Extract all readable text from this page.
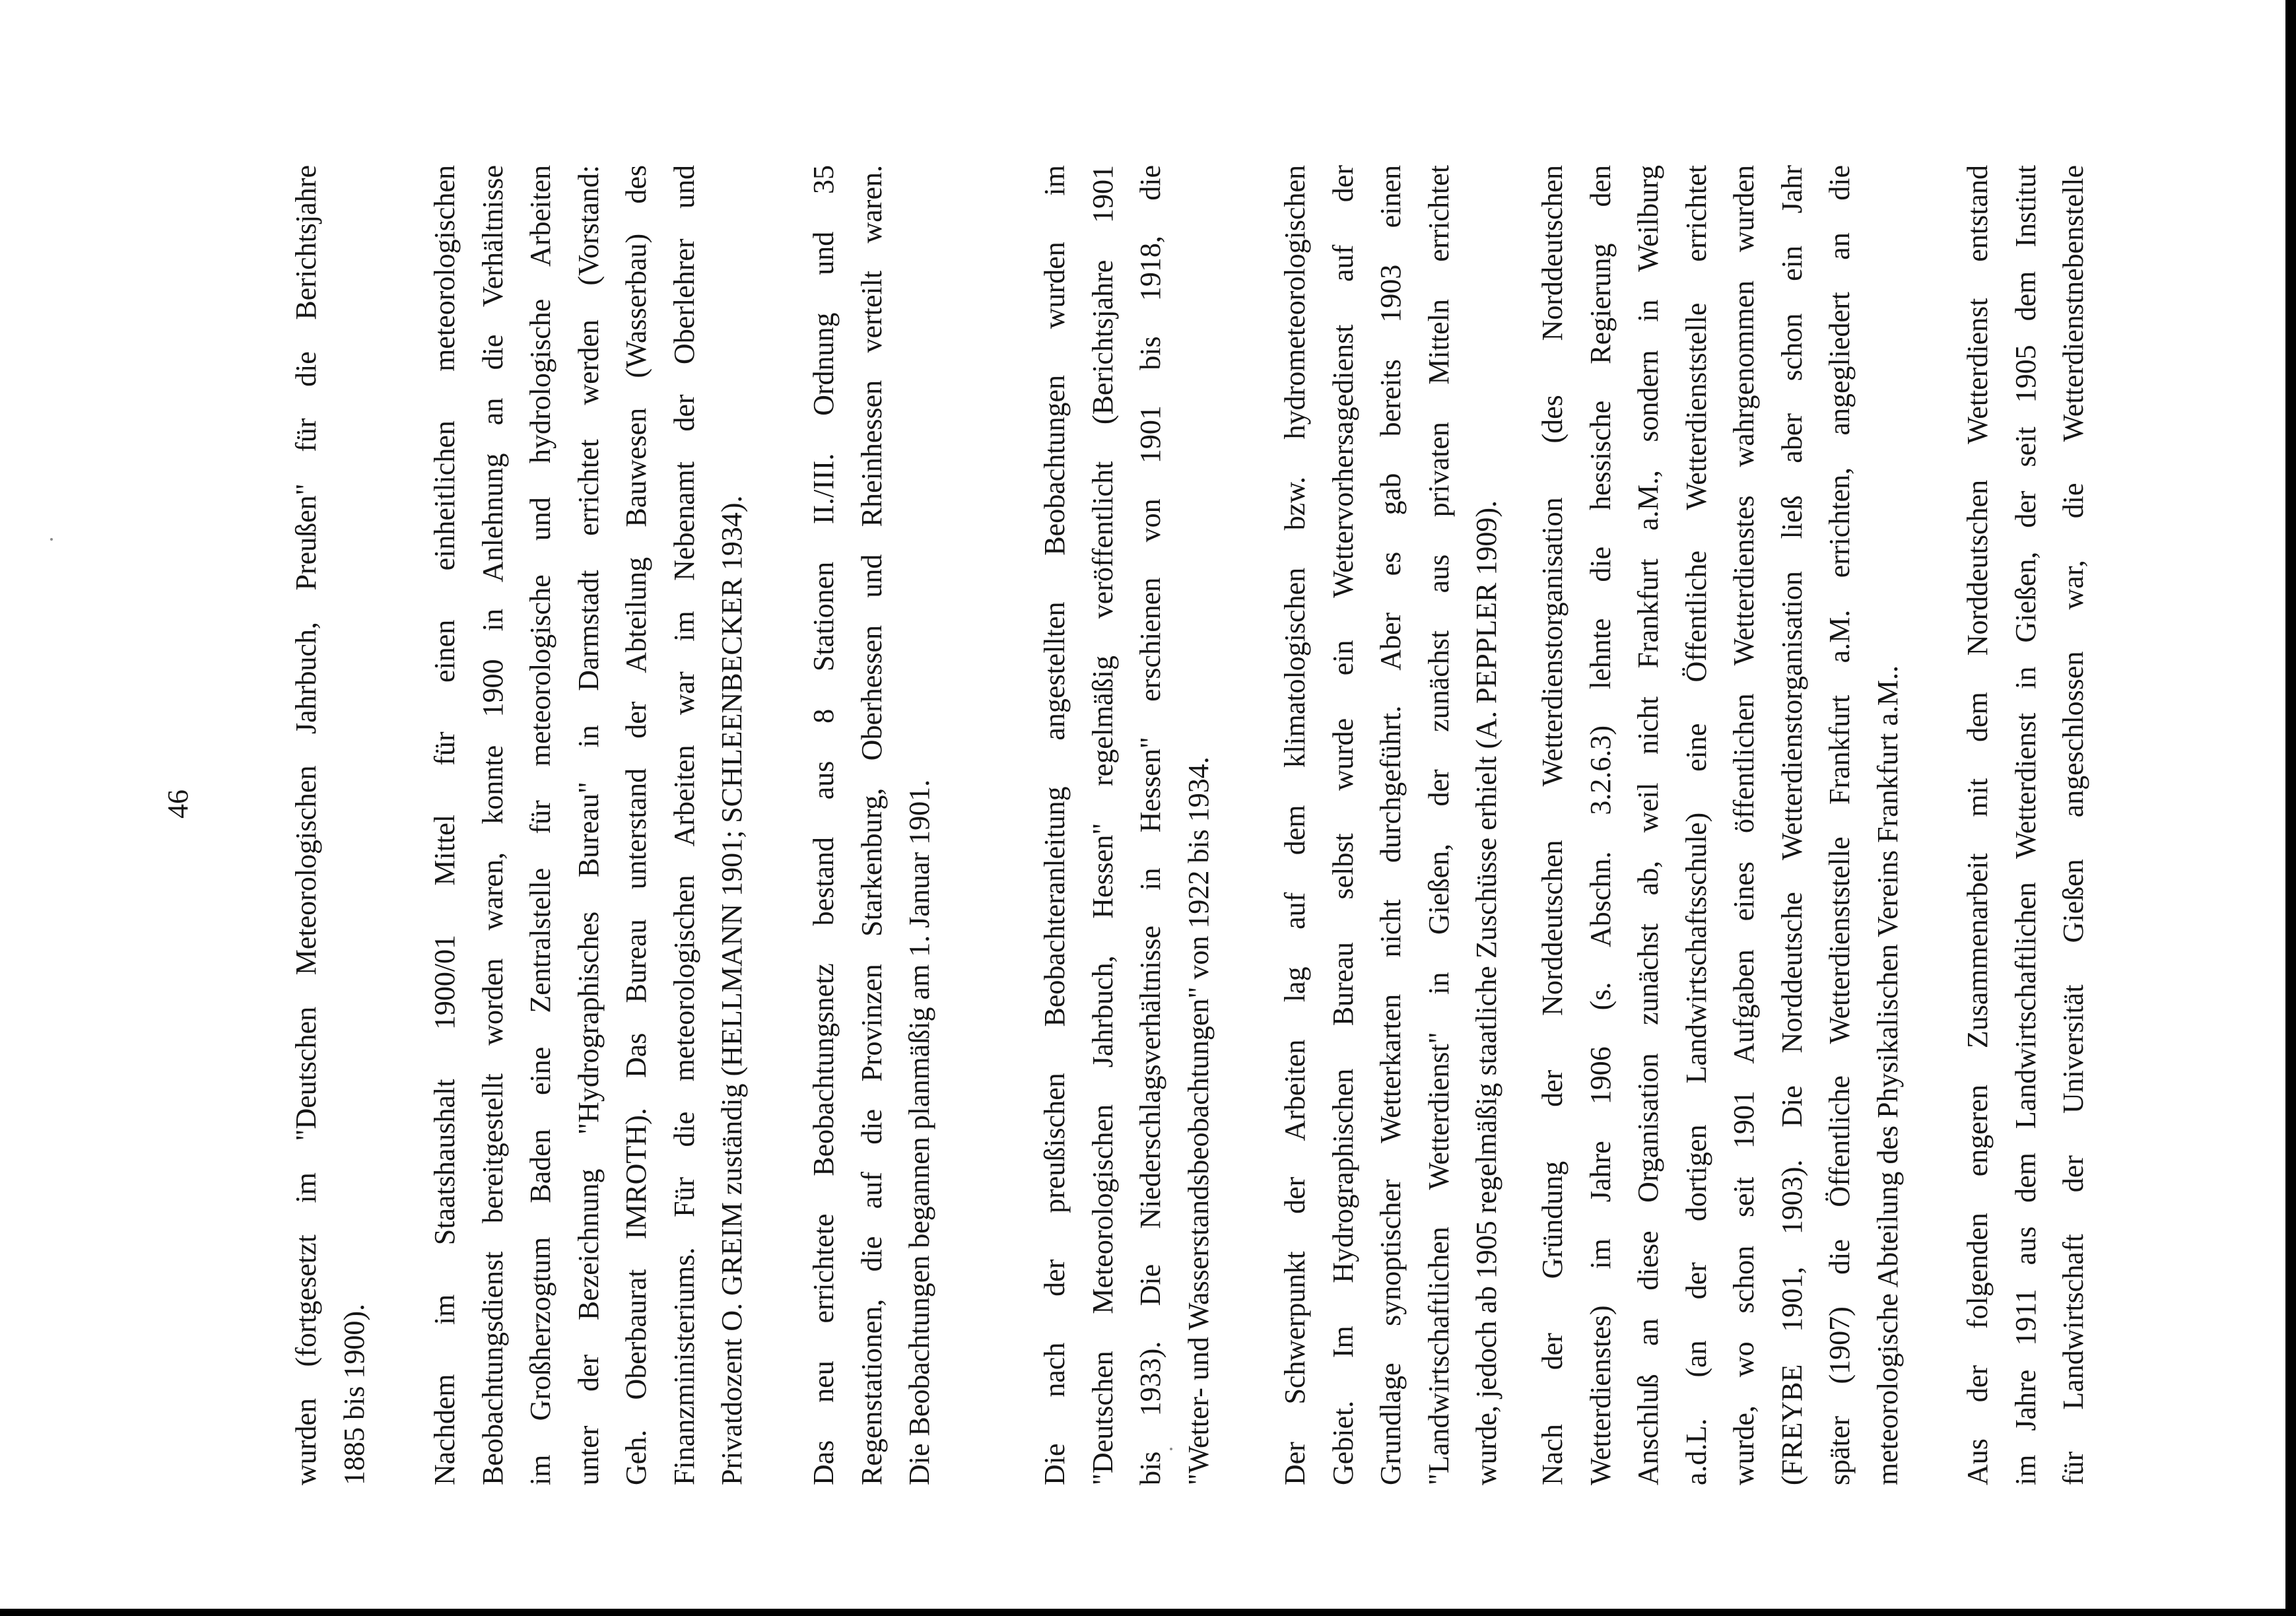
46	wurden (fortgesetzt im "Deutschen Meteorologischen Jahrbuch, Preußen" für die Berichtsjahre 1885 bis 1900). Nachdem im Staatshaushalt 1900/01 Mittel für einen einheitlichen meteorologischen Beobachtungsdienst bereitgestellt worden waren, konnte 1900 in Anlehnung an die Verhältnisse im Großherzogtum Baden eine Zentralstelle für meteorologische und hydrologische Arbeiten unter der Bezeichnung "Hydrographisches Bureau" in Darmstadt errichtet werden (Vorstand: Geh. Oberbaurat IMROTH). Das Bureau unterstand der Abteilung Bauwesen (Wasserbau) des Finanzministeriums. Für die meteorologischen Arbeiten war im Nebenamt der Oberlehrer und Privatdozent O. GREIM zuständig (HELLMANN 1901; SCHLEENBECKER 1934). Das neu errichtete Beobachtungsnetz bestand aus 8 Stationen II./III. Ordnung und 35 Regenstationen, die auf die Provinzen Starkenburg, Oberhessen und Rheinhessen verteilt waren. Die Beobachtungen begannen planmäßig am 1. Januar 1901.	Die nach der preußischen Beobachteranleitung angestellten Beobachtungen wurden im "Deutschen Meteorologischen Jahrbuch, Hessen" regelmäßig veröffentlicht (Berichtsjahre 1901 bis 1933). Die Niederschlagsverhältnisse in Hessen" erschienen von 1901 bis 1918, die "Wetter- und Wasserstandsbeobachtungen" von 1922 bis 1934. Der Schwerpunkt der Arbeiten lag auf dem klimatologischen bzw. hydrometeorologischen Gebiet. Im Hydrographischen Bureau selbst wurde ein Wettervorhersagedienst auf der Grundlage synoptischer Wetterkarten nicht durchgeführt. Aber es gab bereits 1903 einen "Landwirtschaftlichen Wetterdienst" in Gießen, der zunächst aus privaten Mitteln errichtet wurde, jedoch ab 1905 regelmäßig staatliche Zuschüsse erhielt (A. PEPPLER 1909). Nach der Gründung der Norddeutschen Wetterdienstorganisation (des Norddeutschen Wetterdienstes) im Jahre 1906 (s. Abschn. 3.2.6.3) lehnte die hessische Regierung den Anschluß an diese Organisation zunächst ab, weil nicht Frankfurt a.M., sondern in Weilburg a.d.L. (an der dortigen Landwirtschaftsschule) eine Öffentliche Wetterdienststelle errichtet wurde, wo schon seit 1901 Aufgaben eines öffentlichen Wetterdienstes wahrgenommen wurden (FREYBE 1901, 1903). Die Norddeutsche Wetterdienstorganisation ließ aber schon ein Jahr später (1907) die Öffentliche Wetterdienststelle Frankfurt a.M. errichten, angegliedert an die meteorologische Abteilung des Physikalischen Vereins Frankfurt a.M.. Aus der folgenden engeren Zusammenarbeit mit dem Norddeutschen Wetterdienst entstand im Jahre 1911 aus dem Landwirtschaftlichen Wetterdienst in Gießen, der seit 1905 dem Institut für Landwirtschaft der Universität Gießen angeschlossen war, die Wetterdienstnebenstelle
